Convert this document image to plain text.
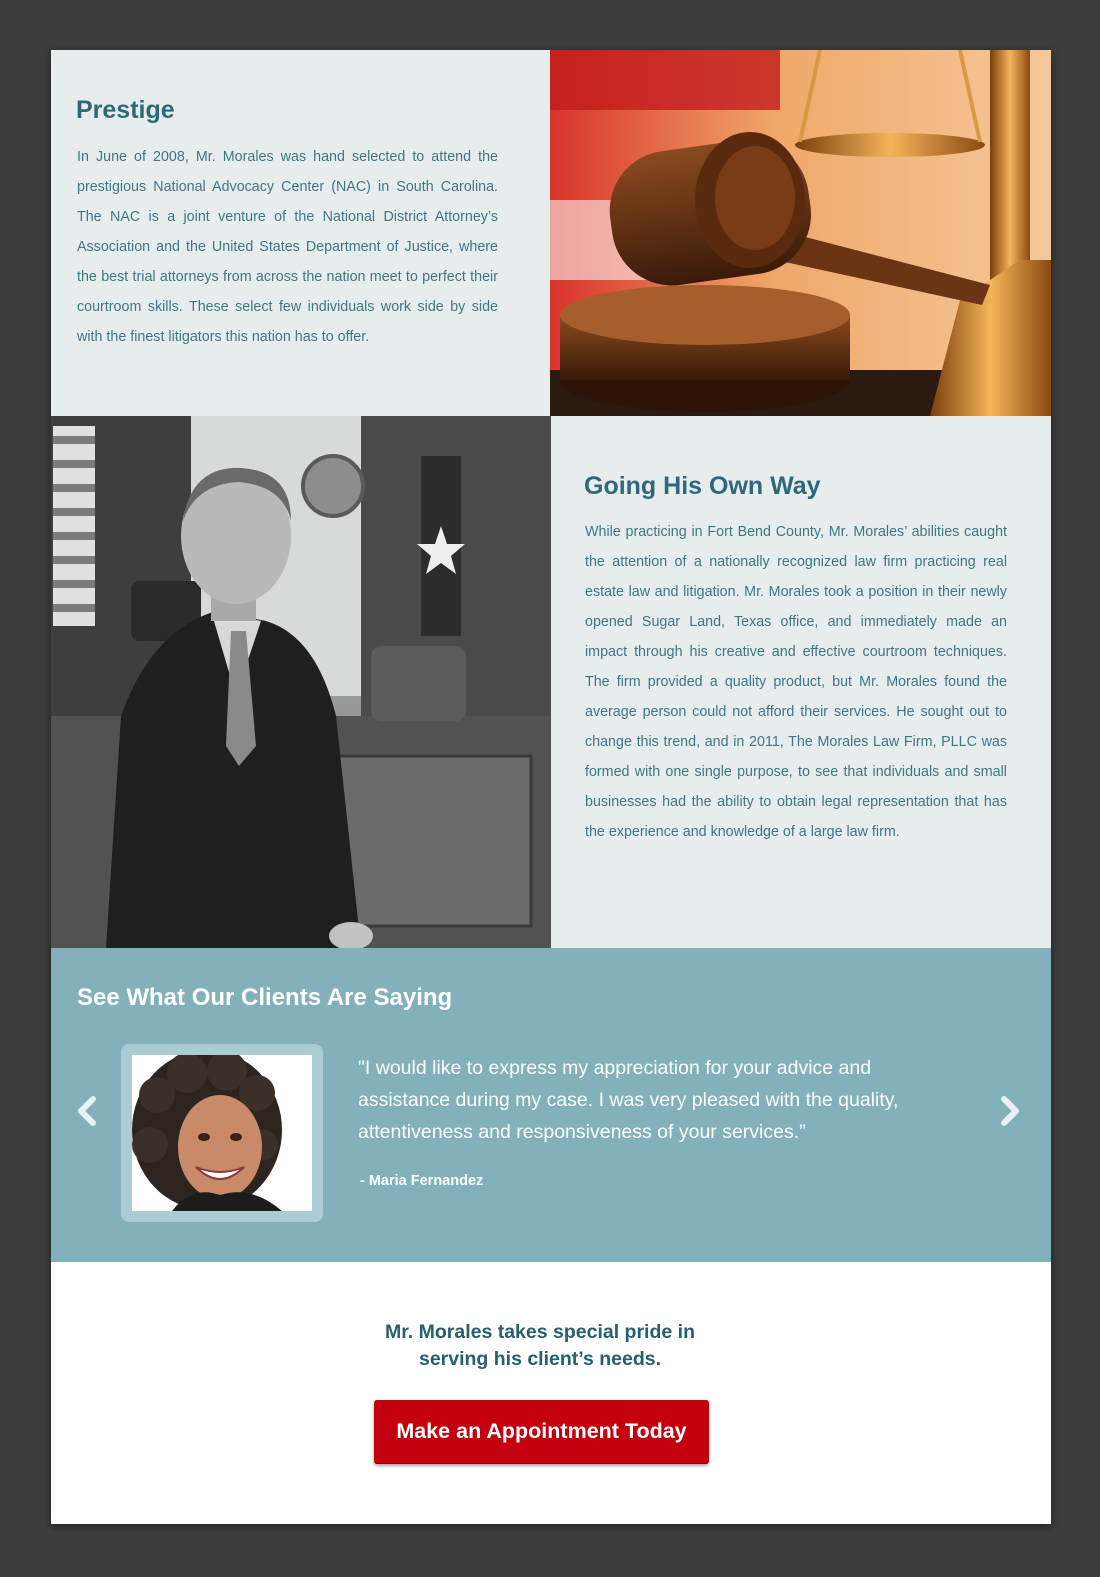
Prestige

In June of 2008, Mr. Morales was hand selected to attend the prestigious National Advocacy Center (NAC) in South Carolina. The NAC is a joint venture of the National District Attorney’s Association and the United States Department of Justice, where the best trial attorneys from across the nation meet to perfect their courtroom skills. These select few individuals work side by side with the finest litigators this nation has to offer.

Going His Own Way

While practicing in Fort Bend County, Mr. Morales’ abilities caught the attention of a nationally recognized law firm practicing real estate law and litigation. Mr. Morales took a position in their newly opened Sugar Land, Texas office, and immediately made an impact through his creative and effective courtroom techniques. The firm provided a quality product, but Mr. Morales found the average person could not afford their services. He sought out to change this trend, and in 2011, The Morales Law Firm, PLLC was formed with one single purpose, to see that individuals and small businesses had the ability to obtain legal representation that has the experience and knowledge of a large law firm.

See What Our Clients Are Saying

"I would like to express my appreciation for your advice and assistance during my case. I was very pleased with the quality, attentiveness and responsiveness of your services.”

- Maria Fernandez
Mr. Morales takes special pride in
serving his client’s needs.
Make an Appointment Today
